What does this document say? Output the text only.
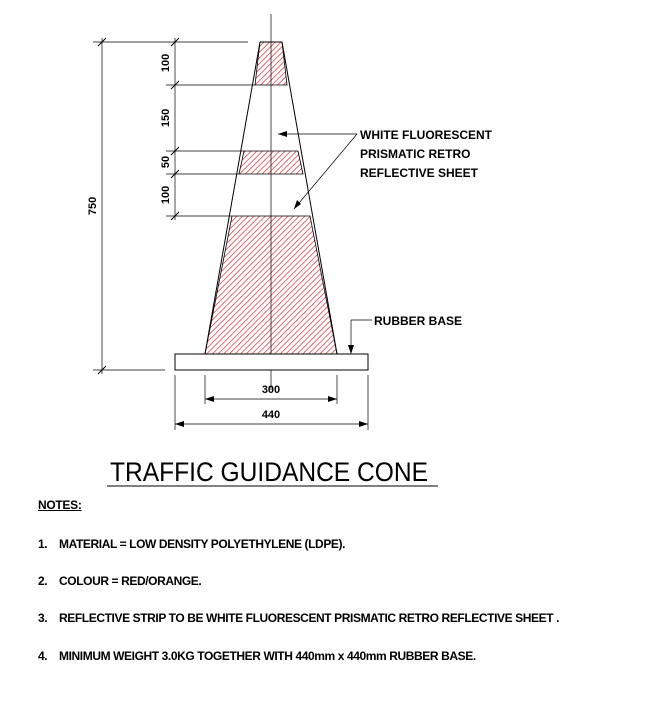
750
100
150
50
100
300
440
WHITE FLUORESCENT
PRISMATIC RETRO
REFLECTIVE SHEET
RUBBER BASE
TRAFFIC GUIDANCE CONE
NOTES:
1. MATERIAL = LOW DENSITY POLYETHYLENE (LDPE).
2. COLOUR = RED/ORANGE.
3. REFLECTIVE STRIP TO BE WHITE FLUORESCENT PRISMATIC RETRO REFLECTIVE SHEET .
4. MINIMUM WEIGHT 3.0KG TOGETHER WITH 440mm x 440mm RUBBER BASE.
